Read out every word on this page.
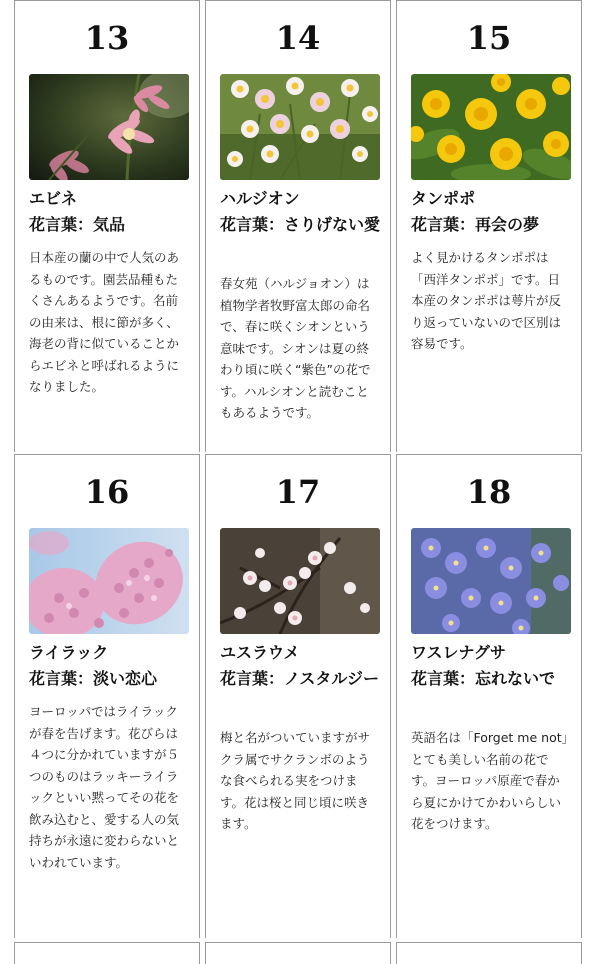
13
エビネ
花言葉：気品
日本産の蘭の中で人気のあるものです。園芸品種もたくさんあるようです。名前の由来は、根に節が多く、海老の背に似ていることからエビネと呼ばれるようになりました。
14
ハルジオン
花言葉：さりげない愛
春女苑（ハルジョオン）は植物学者牧野富太郎の命名で、春に咲くシオンという意味です。シオンは夏の終わり頃に咲く“紫色”の花です。ハルシオンと読むこともあるようです。
15
タンポポ
花言葉：再会の夢
よく見かけるタンポポは「西洋タンポポ」です。日本産のタンポポは萼片が反り返っていないので区別は容易です。
16
ライラック
花言葉：淡い恋心
ヨーロッパではライラックが春を告げます。花びらは４つに分かれていますが５つのものはラッキーライラックといい黙ってその花を飲み込むと、愛する人の気持ちが永遠に変わらないといわれています。
17
ユスラウメ
花言葉：ノスタルジー
梅と名がついていますがサクラ属でサクランボのような食べられる実をつけます。花は桜と同じ頃に咲きます。
18
ワスレナグサ
花言葉：忘れないで
英語名は「Forget me not」とても美しい名前の花です。ヨーロッパ原産で春から夏にかけてかわいらしい花をつけます。
